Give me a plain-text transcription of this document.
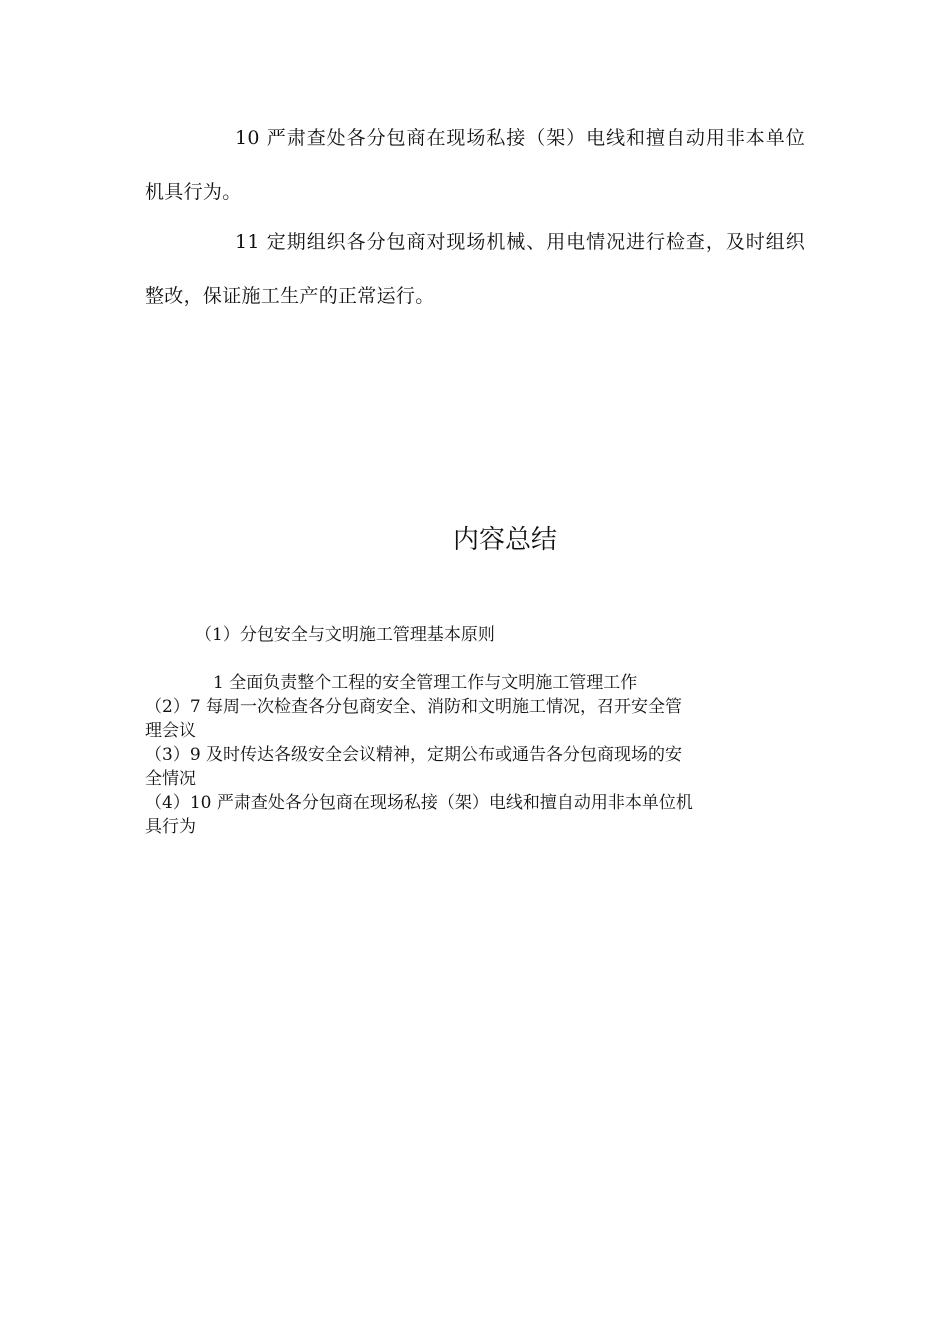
10 严肃查处各分包商在现场私接（架）电线和擅自动用非本单位机具行为。

11 定期组织各分包商对现场机械、用电情况进行检查，及时组织整改，保证施工生产的正常运行。

内容总结
（1）分包安全与文明施工管理基本原则
1 全面负责整个工程的安全管理工作与文明施工管理工作
（2）7 每周一次检查各分包商安全、消防和文明施工情况，召开安全管
理会议
（3）9 及时传达各级安全会议精神，定期公布或通告各分包商现场的安
全情况
（4）10 严肃查处各分包商在现场私接（架）电线和擅自动用非本单位机
具行为
